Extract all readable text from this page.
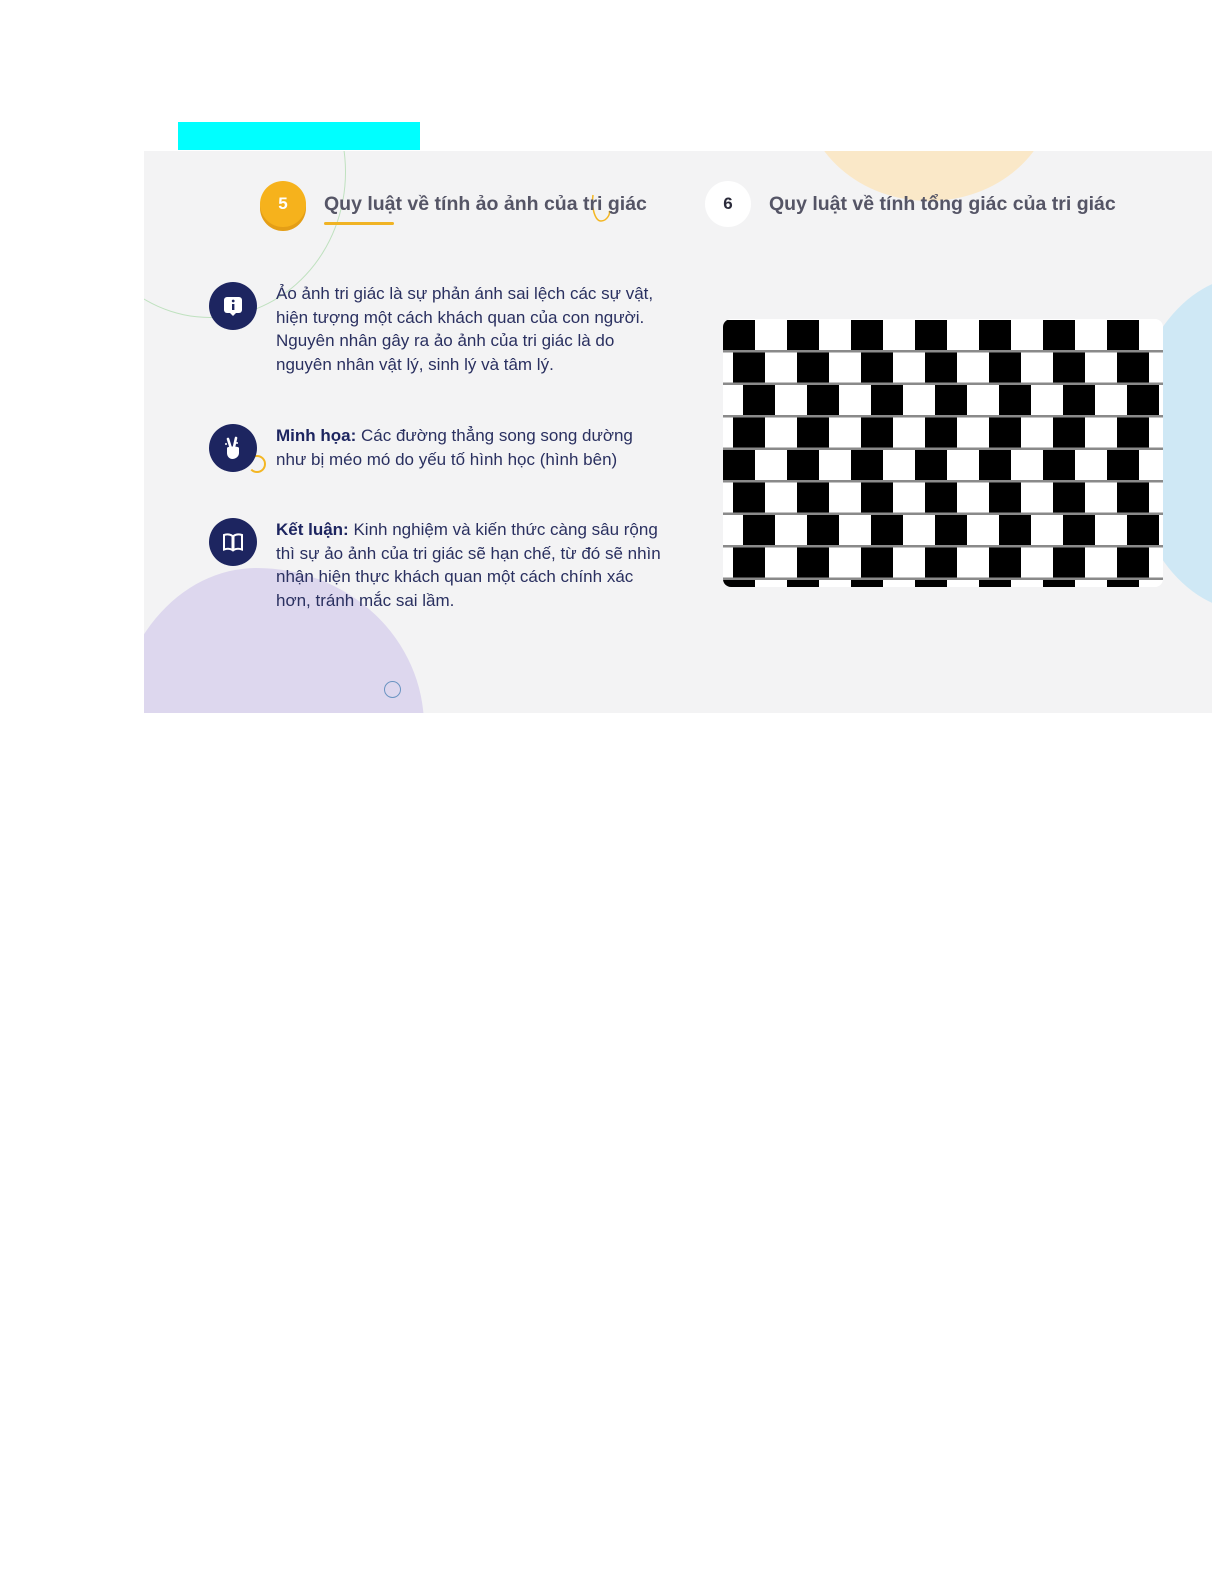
5	Quy luật về tính ảo ảnh của tri giác	6	Quy luật về tính tổng giác của tri giác
Ảo ảnh tri giác là sự phản ánh sai lệch các sự vật, hiện tượng một cách khách quan của con người. Nguyên nhân gây ra ảo ảnh của tri giác là do nguyên nhân vật lý, sinh lý và tâm lý.
Minh họa: Các đường thẳng song song dường như bị méo mó do yếu tố hình học (hình bên)
Kết luận: Kinh nghiệm và kiến thức càng sâu rộng thì sự ảo ảnh của tri giác sẽ hạn chế, từ đó sẽ nhìn nhận hiện thực khách quan một cách chính xác hơn, tránh mắc sai lầm.
